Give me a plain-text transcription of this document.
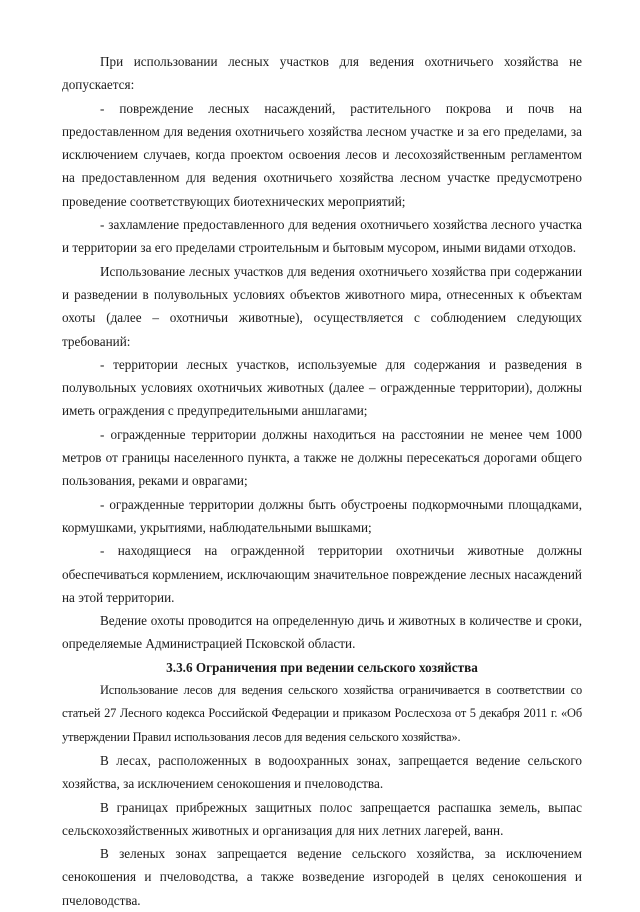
При использовании лесных участков для ведения охотничьего хозяйства не допускается:

- повреждение лесных насаждений, растительного покрова и почв на предоставленном для ведения охотничьего хозяйства лесном участке и за его пределами, за исключением случаев, когда проектом освоения лесов и лесохозяйственным регламентом на предоставленном для ведения охотничьего хозяйства лесном участке предусмотрено проведение соответствующих биотехнических мероприятий;

- захламление предоставленного для ведения охотничьего хозяйства лесного участка и территории за его пределами строительным и бытовым мусором, иными видами отходов.

Использование лесных участков для ведения охотничьего хозяйства при содержании и разведении в полувольных условиях объектов животного мира, отнесенных к объектам охоты (далее – охотничьи животные), осуществляется с соблюдением следующих требований:

- территории лесных участков, используемые для содержания и разведения в полувольных условиях охотничьих животных (далее – огражденные территории), должны иметь ограждения с предупредительными аншлагами;

- огражденные территории должны находиться на расстоянии не менее чем 1000 метров от границы населенного пункта, а также не должны пересекаться дорогами общего пользования, реками и оврагами;

- огражденные территории должны быть обустроены подкормочными площадками, кормушками, укрытиями, наблюдательными вышками;

- находящиеся на огражденной территории охотничьи животные должны обеспечиваться кормлением, исключающим значительное повреждение лесных насаждений на этой территории.

Ведение охоты проводится на определенную дичь и животных в количестве и сроки, определяемые Администрацией Псковской области.

3.3.6 Ограничения при ведении сельского хозяйства

Использование лесов для ведения сельского хозяйства ограничивается в соответствии со статьей 27 Лесного кодекса Российской Федерации и приказом Рослесхоза от 5 декабря 2011 г. «Об утверждении Правил использования лесов для ведения сельского хозяйства».

В лесах, расположенных в водоохранных зонах, запрещается ведение сельского хозяйства, за исключением сенокошения и пчеловодства.

В границах прибрежных защитных полос запрещается распашка земель, выпас сельскохозяйственных животных и организация для них летних лагерей, ванн.

В зеленых зонах запрещается ведение сельского хозяйства, за исключением сенокошения и пчеловодства, а также возведение изгородей в целях сенокошения и пчеловодства.
